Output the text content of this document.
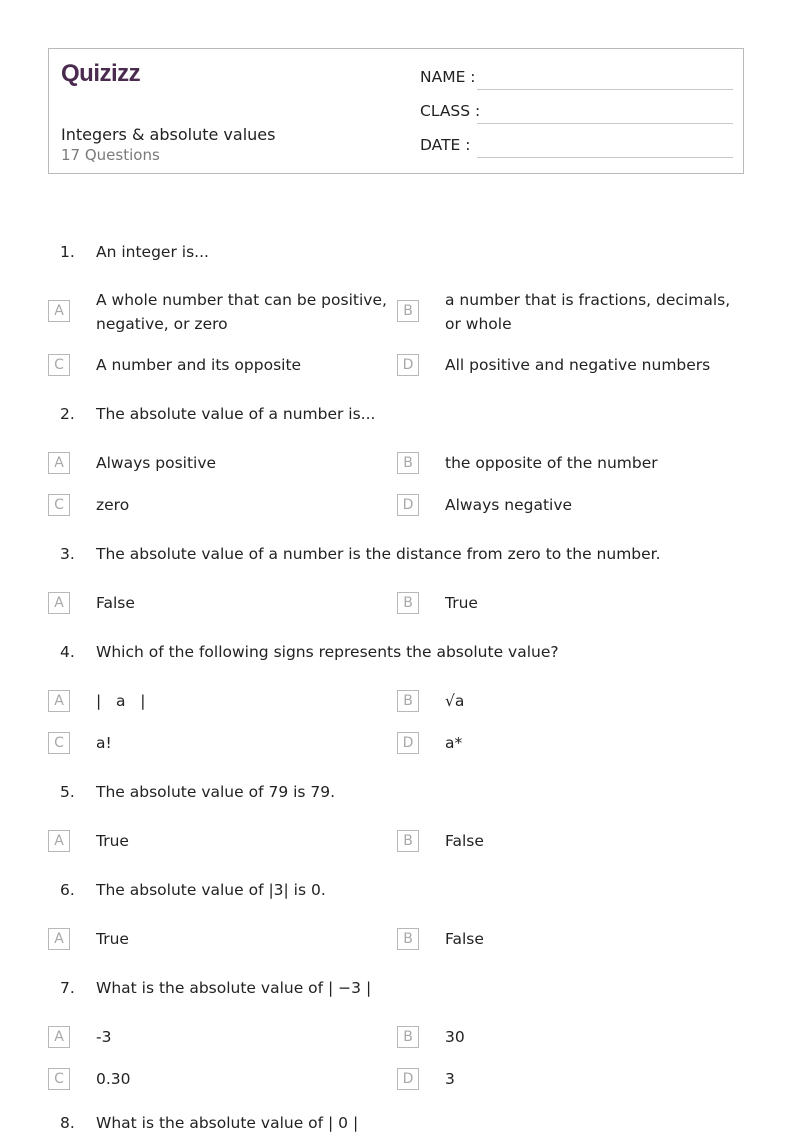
Quizizz
Integers & absolute values
17 Questions
NAME :
CLASS :
DATE :
1. An integer is...
A
A whole number that can be positive, negative, or zero
B
a number that is fractions, decimals, or whole
C	A number and its opposite	D	All positive and negative numbers
2. The absolute value of a number is...
A	Always positive	B	the opposite of the number
C	zero	D	Always negative
3. The absolute value of a number is the distance from zero to the number.
A	False	B	True
4. Which of the following signs represents the absolute value?
A	|   a   |	B	√a
C	a!	D	a*
5. The absolute value of 79 is 79.
A	True	B	False
6. The absolute value of |3| is 0.
A	True	B	False
7. What is the absolute value of | −3 |
A	-3	B	30
C	0.30	D	3
8. What is the absolute value of | 0 |
